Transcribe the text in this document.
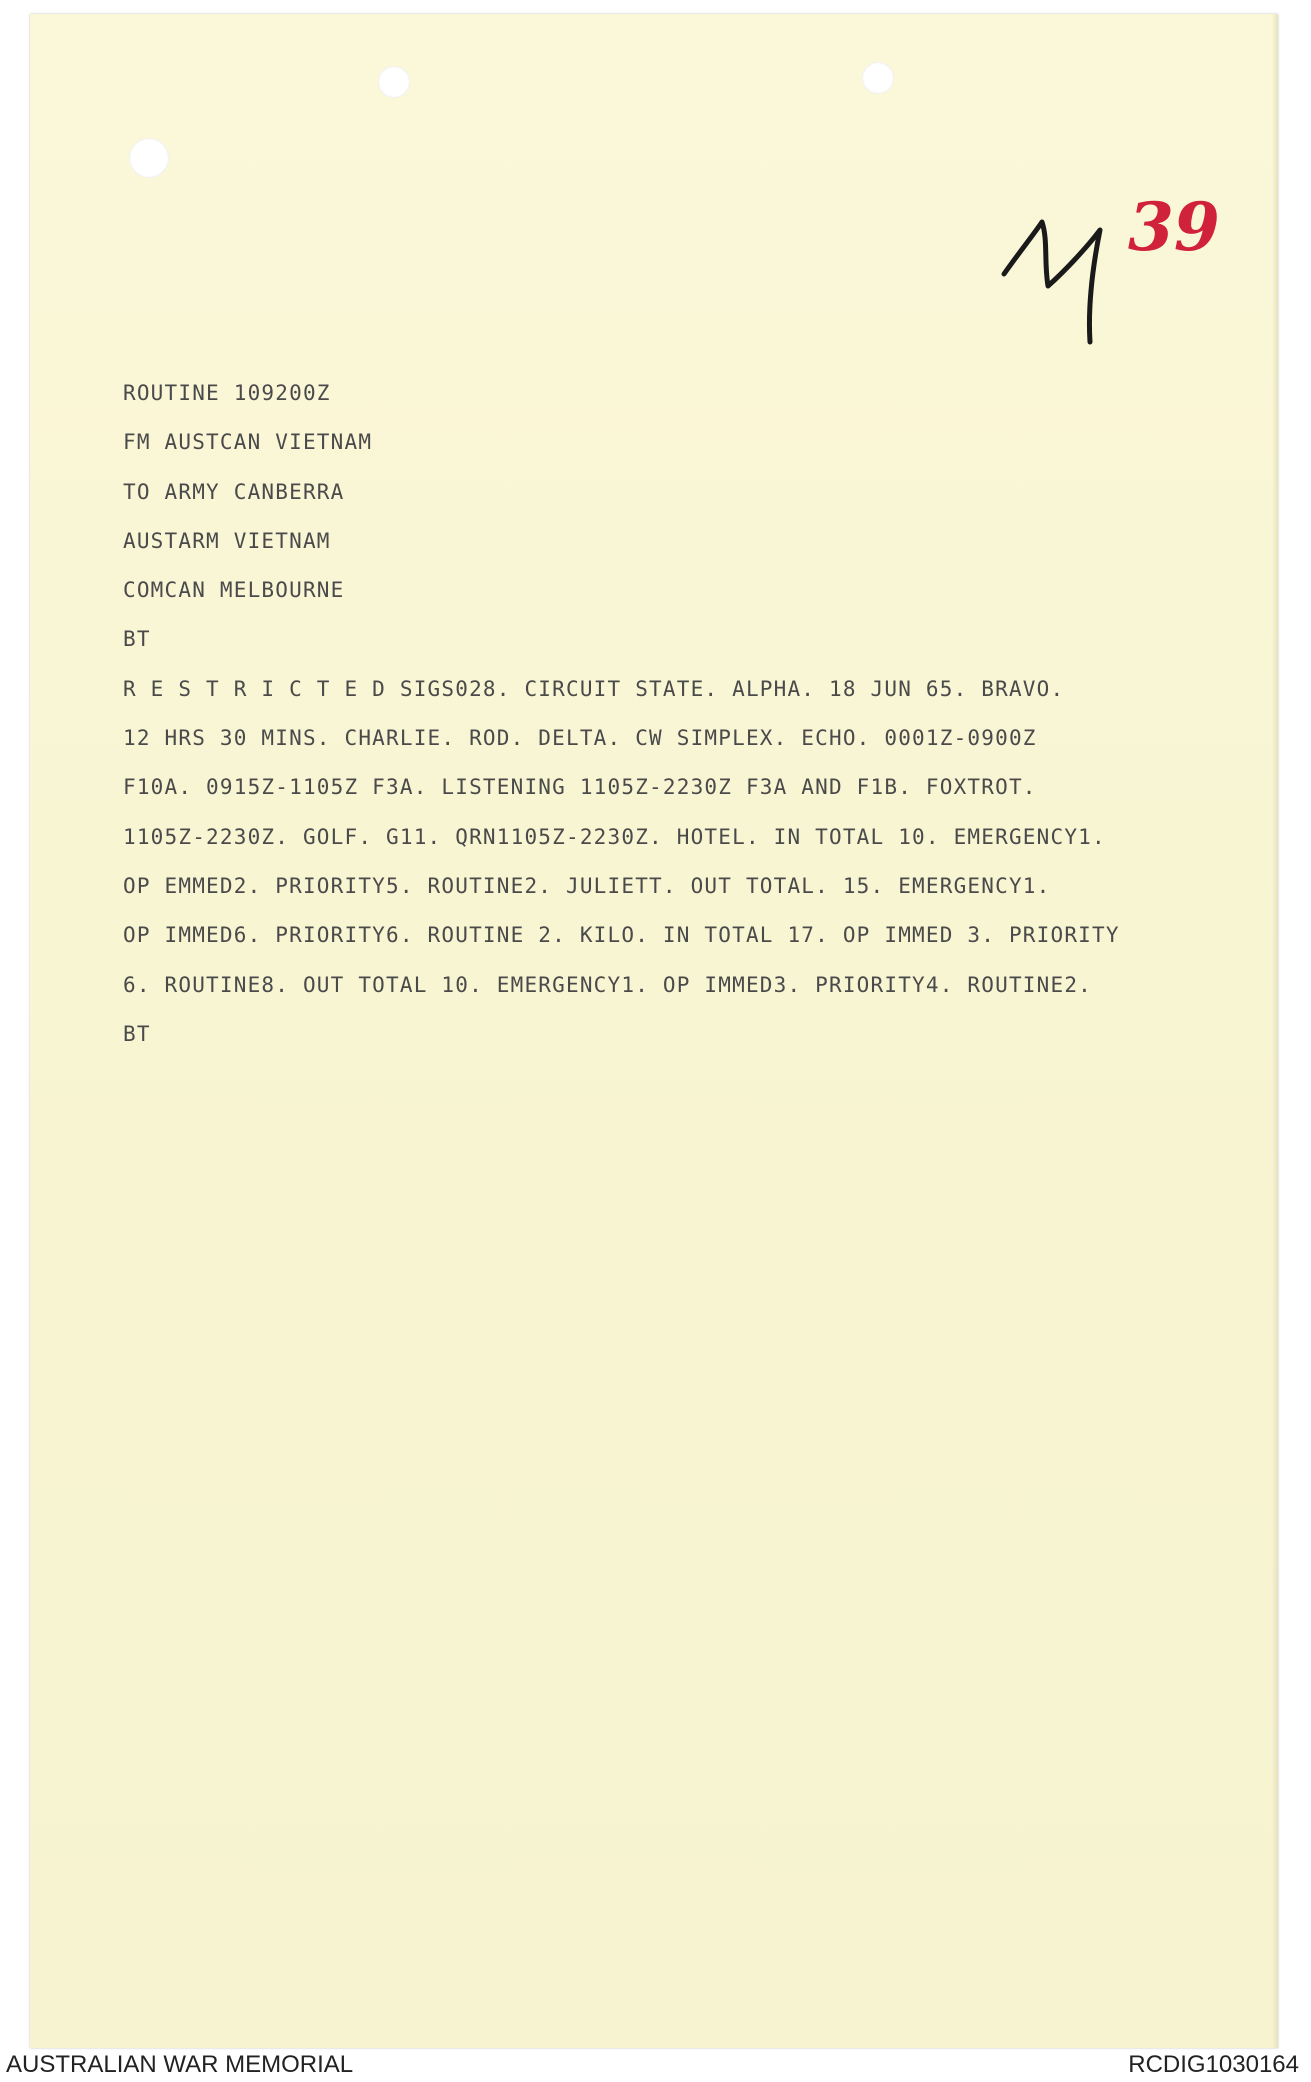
39
ROUTINE 109200Z
FM AUSTCAN VIETNAM
TO ARMY CANBERRA
AUSTARM VIETNAM
COMCAN MELBOURNE
BT
R E S T R I C T E D SIGS028. CIRCUIT STATE. ALPHA. 18 JUN 65. BRAVO.
12 HRS 30 MINS. CHARLIE. ROD. DELTA. CW SIMPLEX. ECHO. 0001Z-0900Z
F10A. 0915Z-1105Z F3A. LISTENING 1105Z-2230Z F3A AND F1B. FOXTROT.
1105Z-2230Z. GOLF. G11. QRN1105Z-2230Z. HOTEL. IN TOTAL 10. EMERGENCY1.
OP EMMED2. PRIORITY5. ROUTINE2. JULIETT. OUT TOTAL. 15. EMERGENCY1.
OP IMMED6. PRIORITY6. ROUTINE 2. KILO. IN TOTAL 17. OP IMMED 3. PRIORITY
6. ROUTINE8. OUT TOTAL 10. EMERGENCY1. OP IMMED3. PRIORITY4. ROUTINE2.
BT
AUSTRALIAN WAR MEMORIAL	RCDIG1030164
